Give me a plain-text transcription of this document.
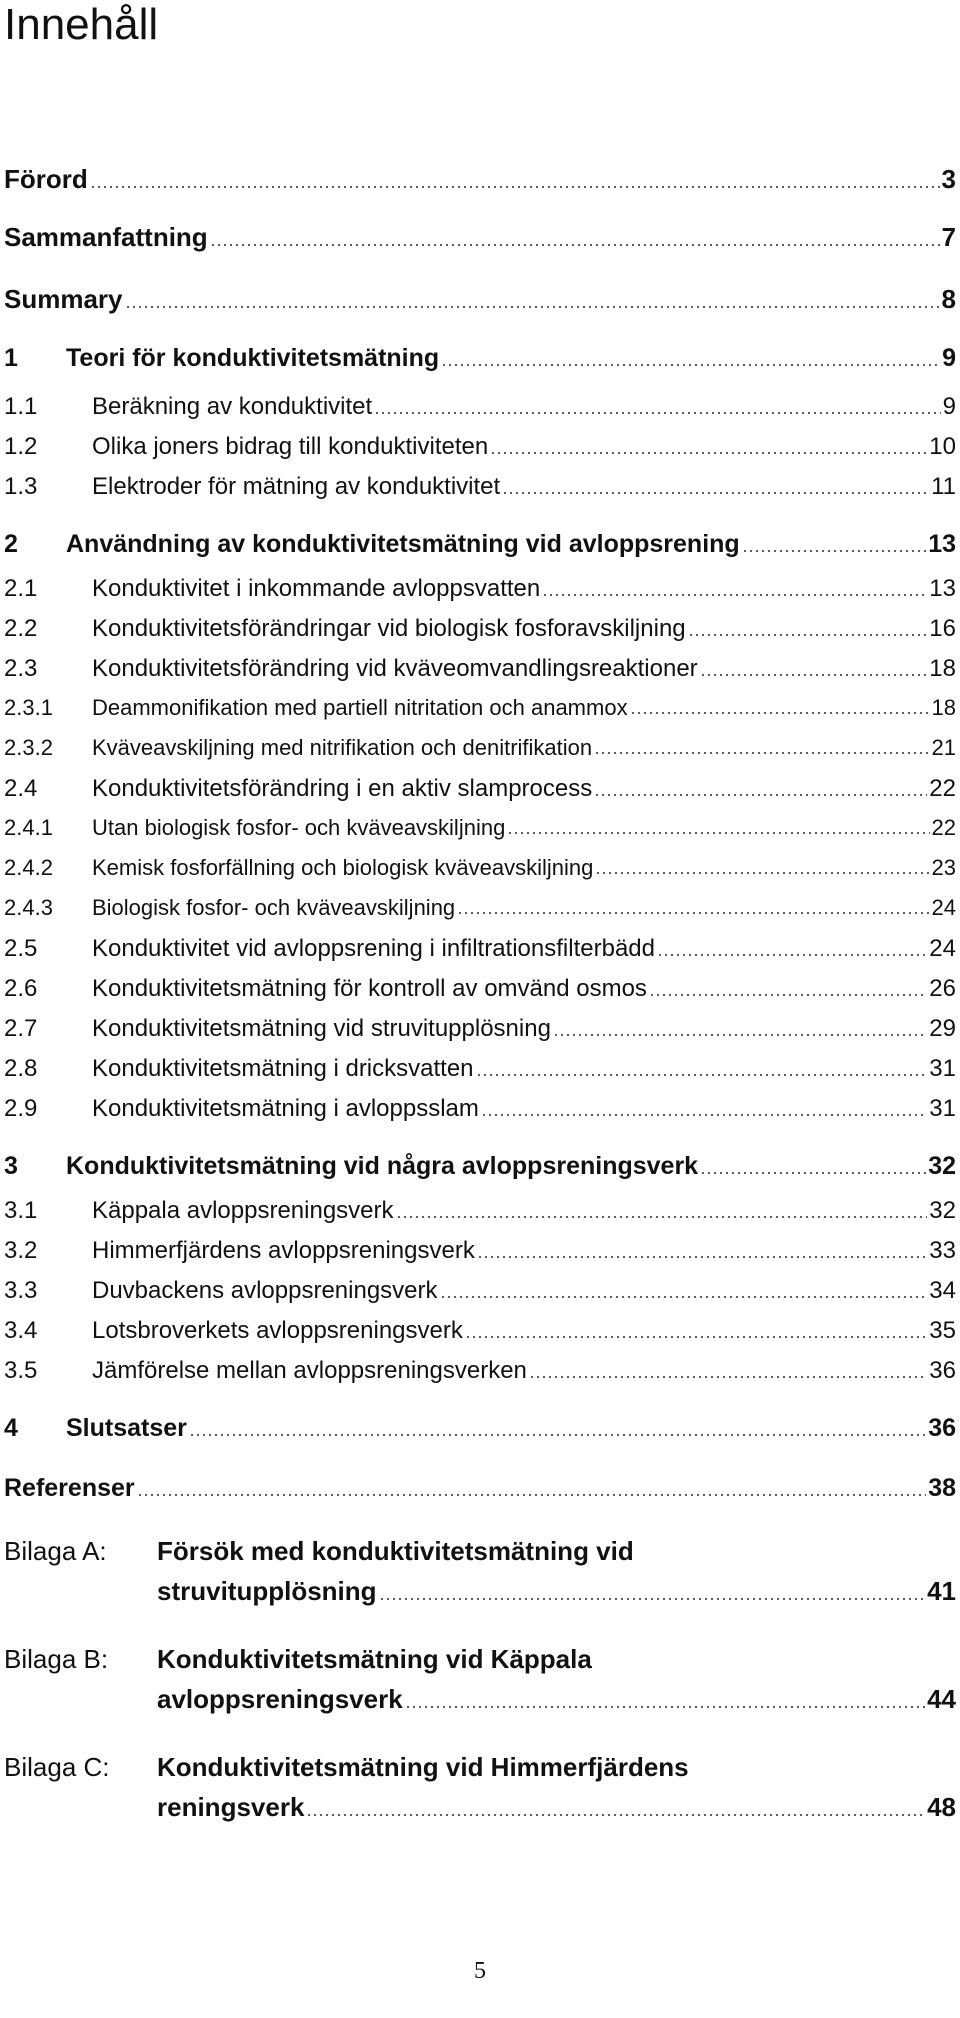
Innehåll
Förord	3
Sammanfattning	7
Summary	8
1	Teori för konduktivitetsmätning	9
1.1	Beräkning av konduktivitet	9
1.2	Olika joners bidrag till konduktiviteten	10
1.3	Elektroder för mätning av konduktivitet	11
2	Användning av konduktivitetsmätning vid avloppsrening	13
2.1	Konduktivitet i inkommande avloppsvatten	13
2.2	Konduktivitetsförändringar vid biologisk fosforavskiljning	16
2.3	Konduktivitetsförändring vid kväveomvandlingsreaktioner	18
2.3.1	Deammonifikation med partiell nitritation och anammox	18
2.3.2	Kväveavskiljning med nitrifikation och denitrifikation	21
2.4	Konduktivitetsförändring i en aktiv slamprocess	22
2.4.1	Utan biologisk fosfor- och kväveavskiljning	22
2.4.2	Kemisk fosforfällning och biologisk kväveavskiljning	23
2.4.3	Biologisk fosfor- och kväveavskiljning	24
2.5	Konduktivitet vid avloppsrening i infiltrationsfilterbädd	24
2.6	Konduktivitetsmätning för kontroll av omvänd osmos	26
2.7	Konduktivitetsmätning vid struvitupplösning	29
2.8	Konduktivitetsmätning i dricksvatten	31
2.9	Konduktivitetsmätning i avloppsslam	31
3	Konduktivitetsmätning vid några avloppsreningsverk	32
3.1	Käppala avloppsreningsverk	32
3.2	Himmerfjärdens avloppsreningsverk	33
3.3	Duvbackens avloppsreningsverk	34
3.4	Lotsbroverkets avloppsreningsverk	35
3.5	Jämförelse mellan avloppsreningsverken	36
4	Slutsatser	36
Referenser	38
Bilaga A: Försök med konduktivitetsmätning vid
struvitupplösning	41
Bilaga B: Konduktivitetsmätning vid Käppala
avloppsreningsverk	44
Bilaga C: Konduktivitetsmätning vid Himmerfjärdens
reningsverk	48
5
